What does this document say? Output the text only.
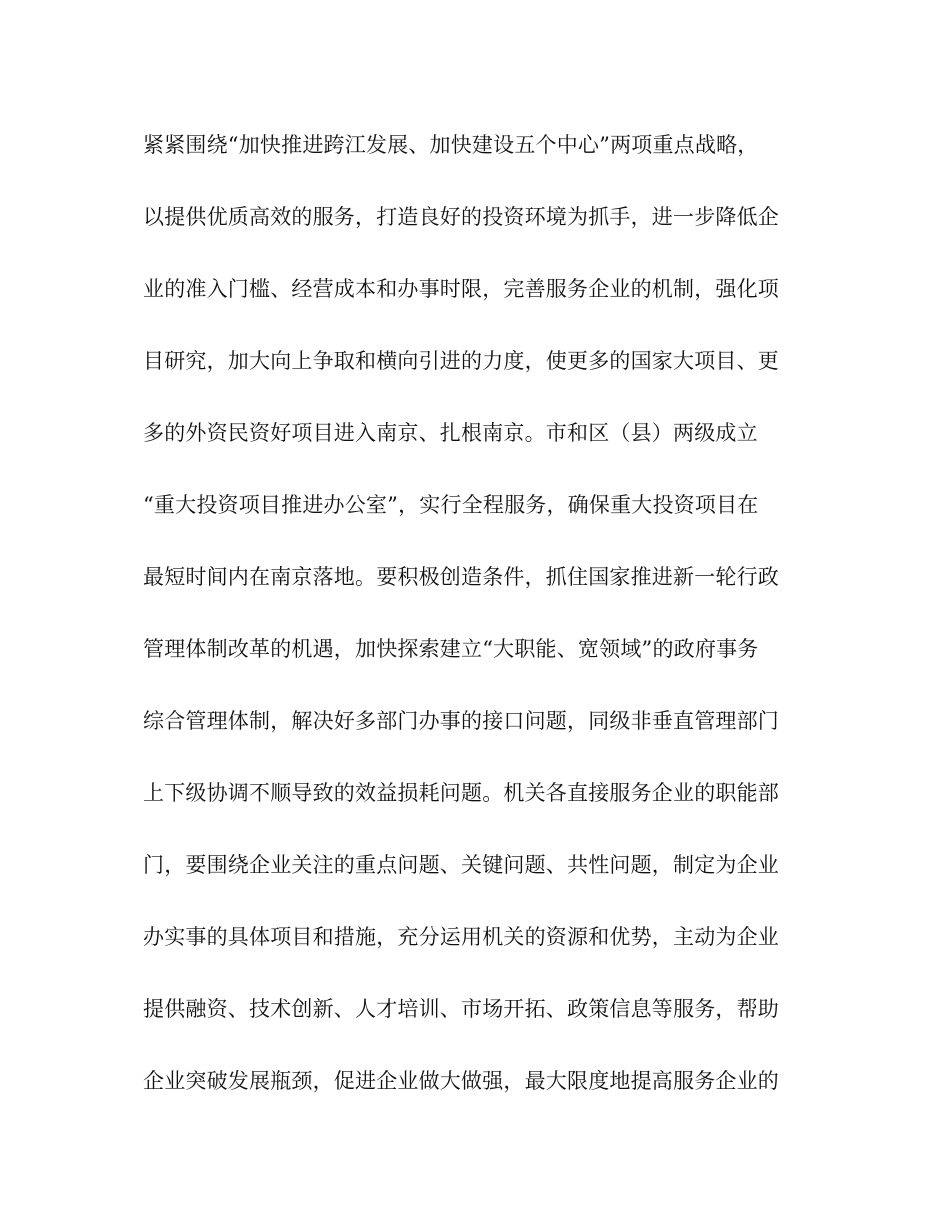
紧紧围绕“加快推进跨江发展、加快建设五个中心”两项重点战略，
以提供优质高效的服务，打造良好的投资环境为抓手，进一步降低企
业的准入门槛、经营成本和办事时限，完善服务企业的机制，强化项
目研究，加大向上争取和横向引进的力度，使更多的国家大项目、更
多的外资民资好项目进入南京、扎根南京。市和区（县）两级成立
“重大投资项目推进办公室”，实行全程服务，确保重大投资项目在
最短时间内在南京落地。要积极创造条件，抓住国家推进新一轮行政
管理体制改革的机遇，加快探索建立“大职能、宽领域”的政府事务
综合管理体制，解决好多部门办事的接口问题，同级非垂直管理部门
上下级协调不顺导致的效益损耗问题。机关各直接服务企业的职能部
门，要围绕企业关注的重点问题、关键问题、共性问题，制定为企业
办实事的具体项目和措施，充分运用机关的资源和优势，主动为企业
提供融资、技术创新、人才培训、市场开拓、政策信息等服务，帮助
企业突破发展瓶颈，促进企业做大做强，最大限度地提高服务企业的
